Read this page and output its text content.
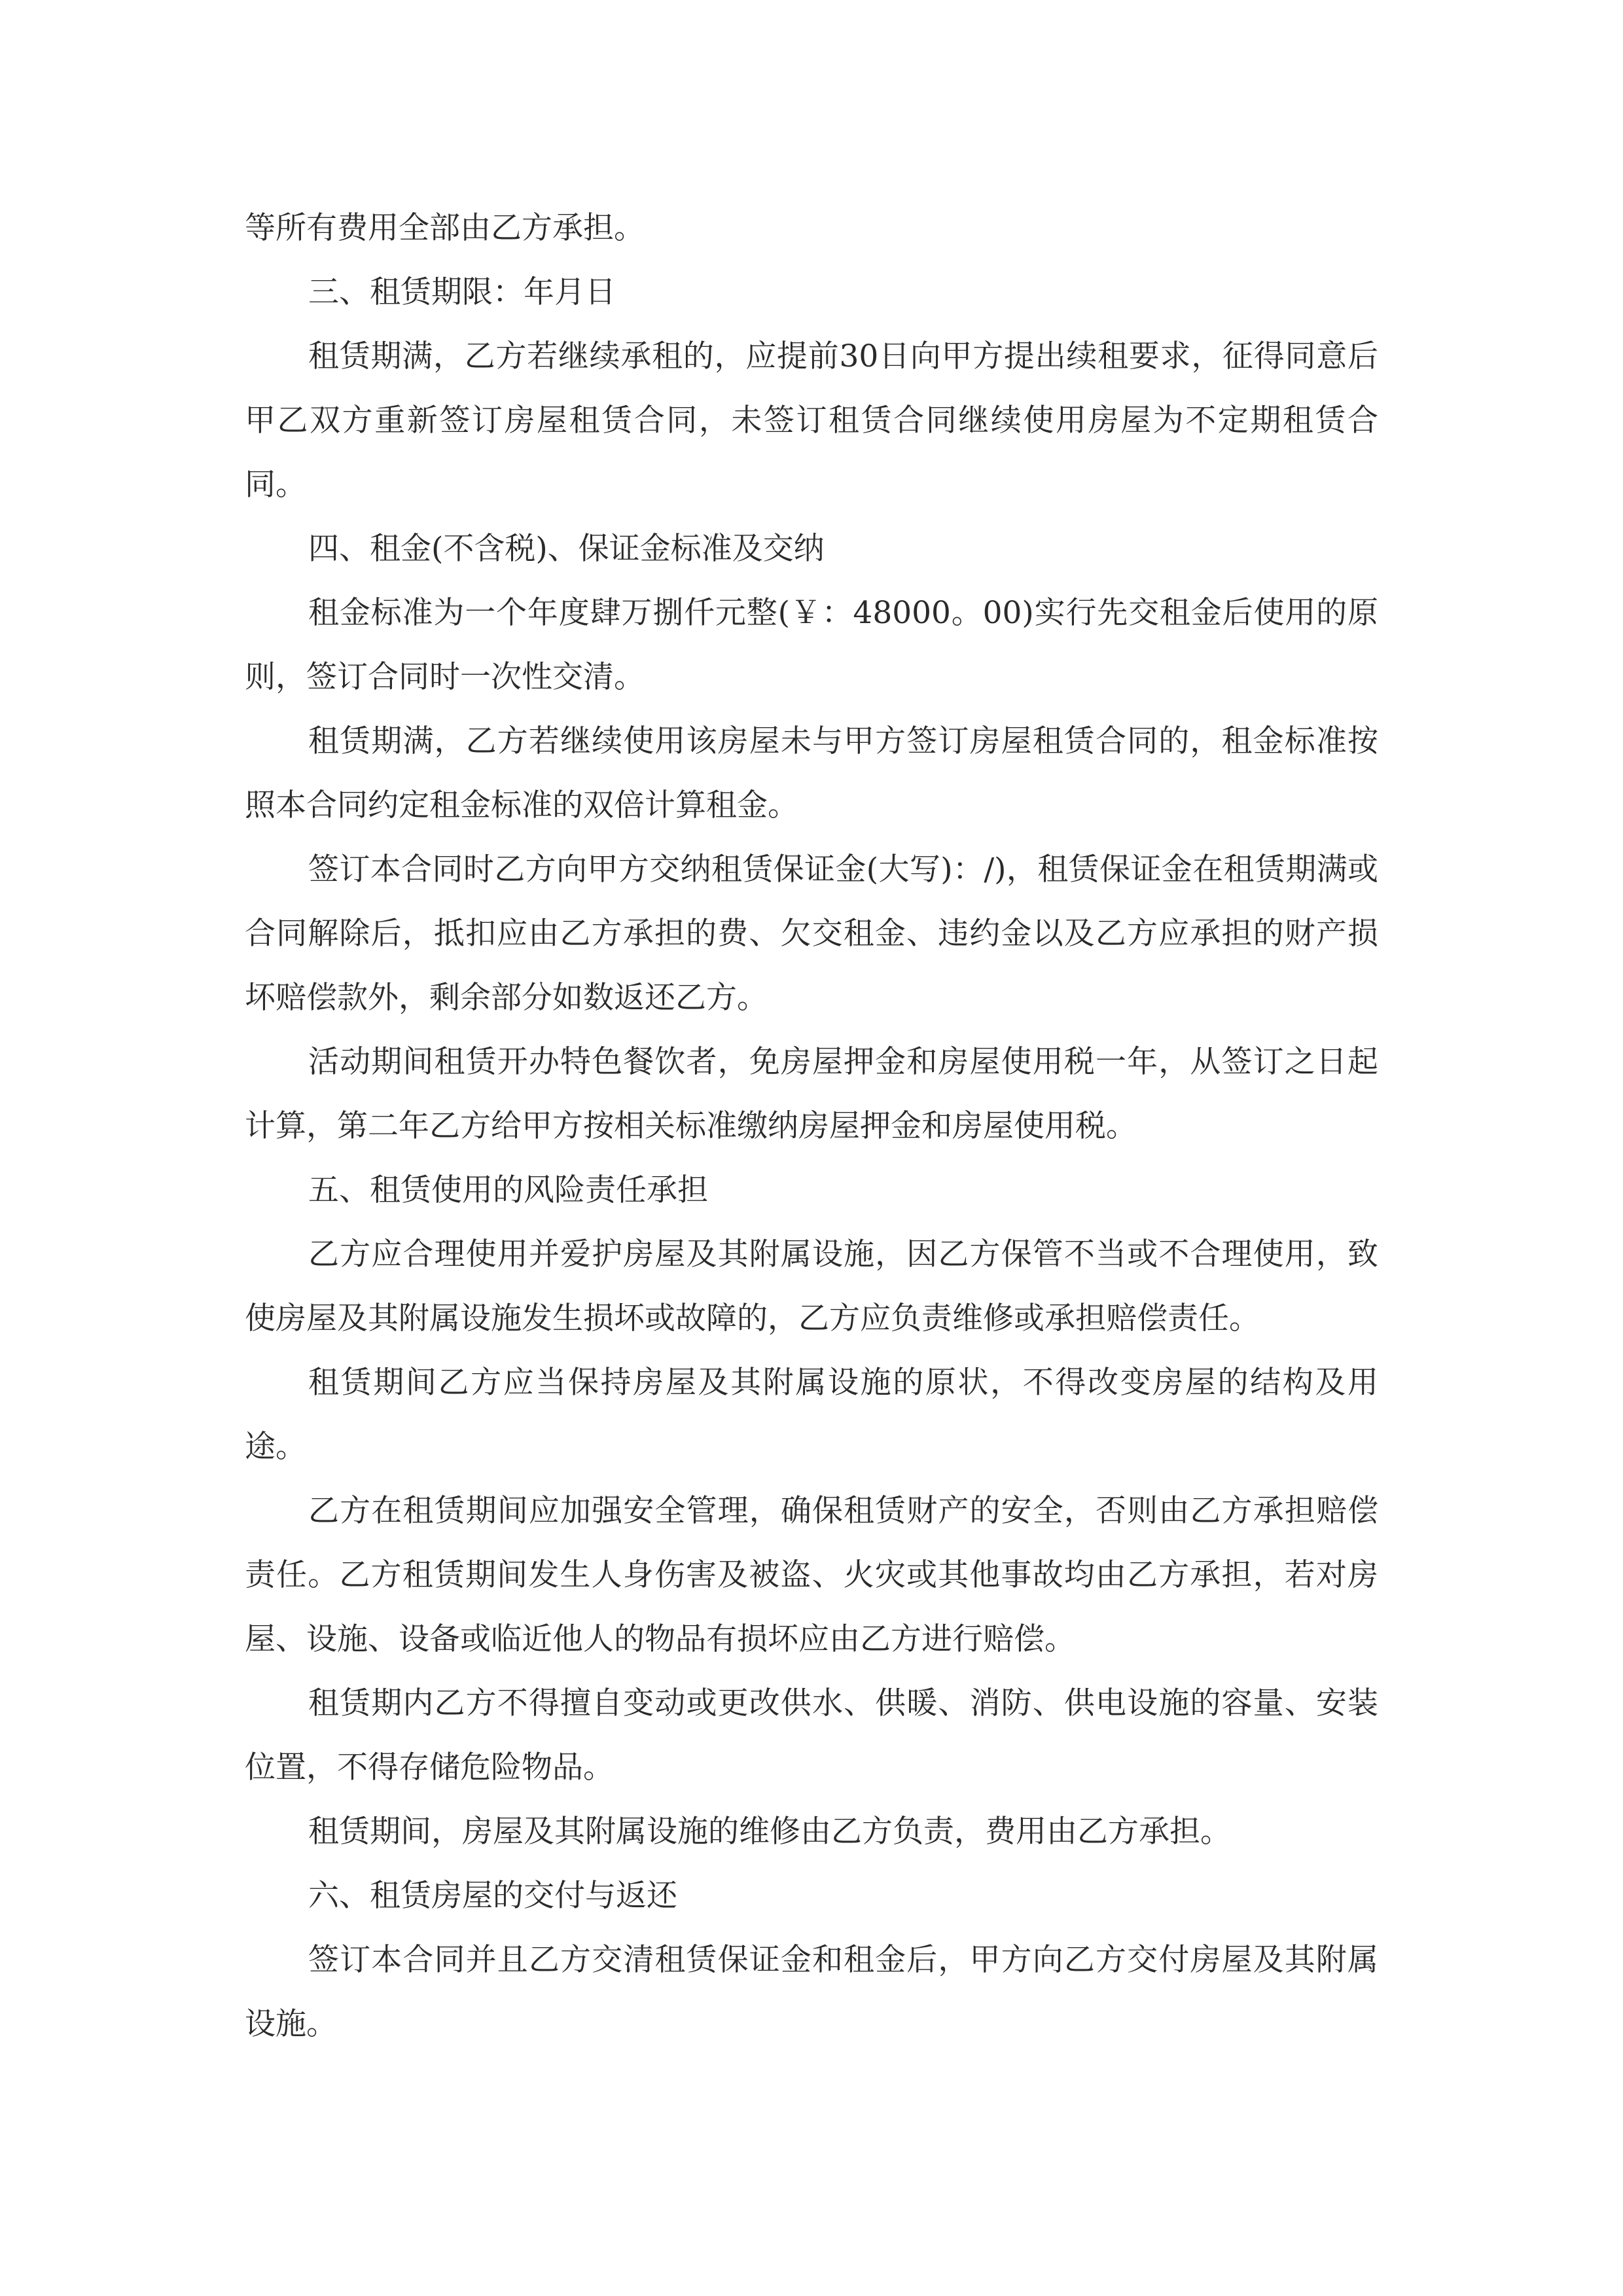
等所有费用全部由乙方承担。

三、租赁期限：年月日

租赁期满，乙方若继续承租的，应提前30日向甲方提出续租要求，征得同意后甲乙双方重新签订房屋租赁合同，未签订租赁合同继续使用房屋为不定期租赁合同。

四、租金(不含税)、保证金标准及交纳

租金标准为一个年度肆万捌仟元整(￥：48000。00)实行先交租金后使用的原则，签订合同时一次性交清。

租赁期满，乙方若继续使用该房屋未与甲方签订房屋租赁合同的，租金标准按照本合同约定租金标准的双倍计算租金。

签订本合同时乙方向甲方交纳租赁保证金(大写)：/)，租赁保证金在租赁期满或合同解除后，抵扣应由乙方承担的费、欠交租金、违约金以及乙方应承担的财产损坏赔偿款外，剩余部分如数返还乙方。

活动期间租赁开办特色餐饮者，免房屋押金和房屋使用税一年，从签订之日起计算，第二年乙方给甲方按相关标准缴纳房屋押金和房屋使用税。

五、租赁使用的风险责任承担

乙方应合理使用并爱护房屋及其附属设施，因乙方保管不当或不合理使用，致使房屋及其附属设施发生损坏或故障的，乙方应负责维修或承担赔偿责任。

租赁期间乙方应当保持房屋及其附属设施的原状，不得改变房屋的结构及用途。

乙方在租赁期间应加强安全管理，确保租赁财产的安全，否则由乙方承担赔偿责任。乙方租赁期间发生人身伤害及被盗、火灾或其他事故均由乙方承担，若对房屋、设施、设备或临近他人的物品有损坏应由乙方进行赔偿。

租赁期内乙方不得擅自变动或更改供水、供暖、消防、供电设施的容量、安装位置，不得存储危险物品。

租赁期间，房屋及其附属设施的维修由乙方负责，费用由乙方承担。

六、租赁房屋的交付与返还

签订本合同并且乙方交清租赁保证金和租金后，甲方向乙方交付房屋及其附属设施。
